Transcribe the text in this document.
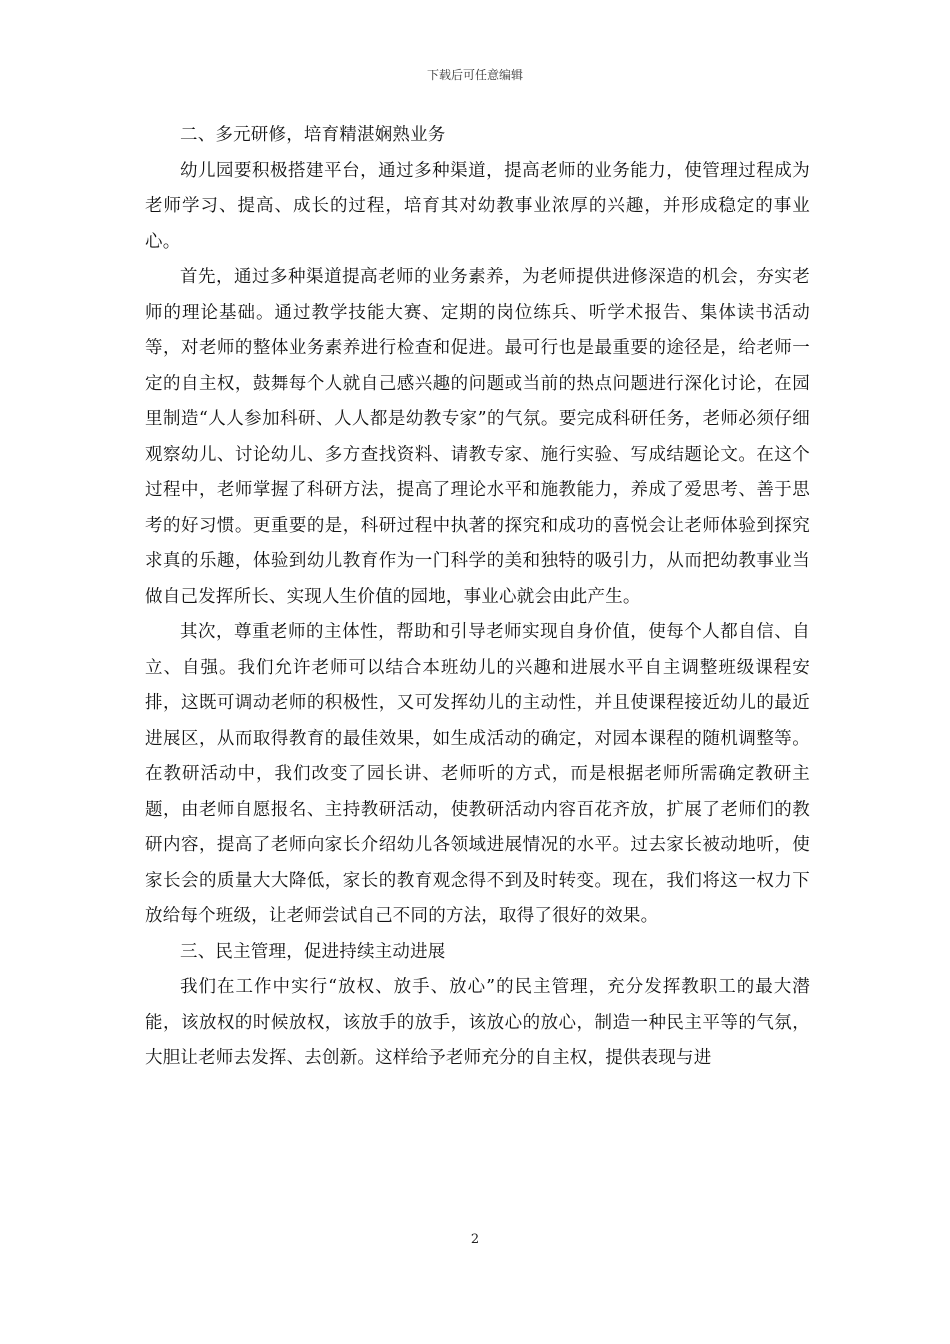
下载后可任意编辑

二、多元研修，培育精湛娴熟业务

幼儿园要积极搭建平台，通过多种渠道，提高老师的业务能力，使管理过程成为老师学习、提高、成长的过程，培育其对幼教事业浓厚的兴趣，并形成稳定的事业心。

首先，通过多种渠道提高老师的业务素养，为老师提供进修深造的机会，夯实老师的理论基础。通过教学技能大赛、定期的岗位练兵、听学术报告、集体读书活动等，对老师的整体业务素养进行检查和促进。最可行也是最重要的途径是，给老师一定的自主权，鼓舞每个人就自己感兴趣的问题或当前的热点问题进行深化讨论，在园里制造“人人参加科研、人人都是幼教专家”的气氛。要完成科研任务，老师必须仔细观察幼儿、讨论幼儿、多方查找资料、请教专家、施行实验、写成结题论文。在这个过程中，老师掌握了科研方法，提高了理论水平和施教能力，养成了爱思考、善于思考的好习惯。更重要的是，科研过程中执著的探究和成功的喜悦会让老师体验到探究求真的乐趣，体验到幼儿教育作为一门科学的美和独特的吸引力，从而把幼教事业当做自己发挥所长、实现人生价值的园地，事业心就会由此产生。

其次，尊重老师的主体性，帮助和引导老师实现自身价值，使每个人都自信、自立、自强。我们允许老师可以结合本班幼儿的兴趣和进展水平自主调整班级课程安排，这既可调动老师的积极性，又可发挥幼儿的主动性，并且使课程接近幼儿的最近进展区，从而取得教育的最佳效果，如生成活动的确定，对园本课程的随机调整等。在教研活动中，我们改变了园长讲、老师听的方式，而是根据老师所需确定教研主题，由老师自愿报名、主持教研活动，使教研活动内容百花齐放，扩展了老师们的教研内容，提高了老师向家长介绍幼儿各领域进展情况的水平。过去家长被动地听，使家长会的质量大大降低，家长的教育观念得不到及时转变。现在，我们将这一权力下放给每个班级，让老师尝试自己不同的方法，取得了很好的效果。

三、民主管理，促进持续主动进展

我们在工作中实行“放权、放手、放心”的民主管理，充分发挥教职工的最大潜能，该放权的时候放权，该放手的放手，该放心的放心，制造一种民主平等的气氛，大胆让老师去发挥、去创新。这样给予老师充分的自主权，提供表现与进

2
